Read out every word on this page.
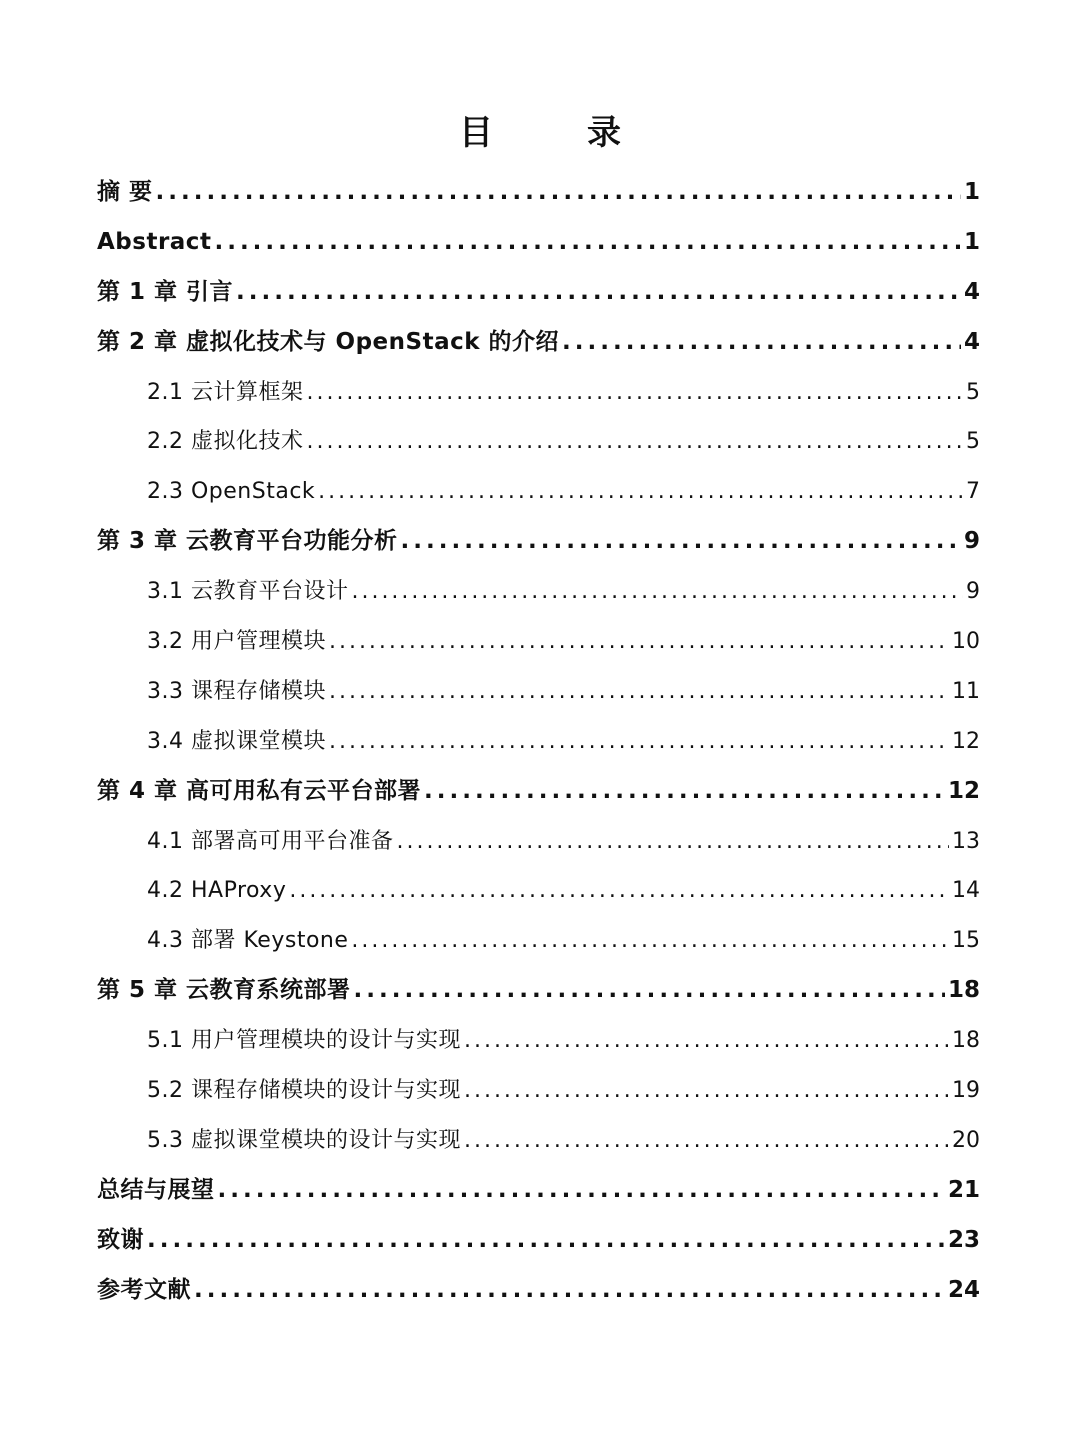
目　录
摘 要 . . .	1
Abstract . . .	1
第 1 章 引言 . . .	4
第 2 章 虚拟化技术与 OpenStack 的介绍 . . .	4
2.1 云计算框架 . . .	5
2.2 虚拟化技术 . . .	5
2.3 OpenStack . . .	7
第 3 章 云教育平台功能分析 . . .	9
3.1 云教育平台设计 . . .	9
3.2 用户管理模块 . . .	10
3.3 课程存储模块 . . .	11
3.4 虚拟课堂模块 . . .	12
第 4 章 高可用私有云平台部署 . . .	12
4.1 部署高可用平台准备 . . .	13
4.2 HAProxy . . .	14
4.3 部署 Keystone . . .	15
第 5 章 云教育系统部署 . . .	18
5.1 用户管理模块的设计与实现 . . .	18
5.2 课程存储模块的设计与实现 . . .	19
5.3 虚拟课堂模块的设计与实现 . . .	20
总结与展望 . . .	21
致谢 . . .	23
参考文献 . . .	24
